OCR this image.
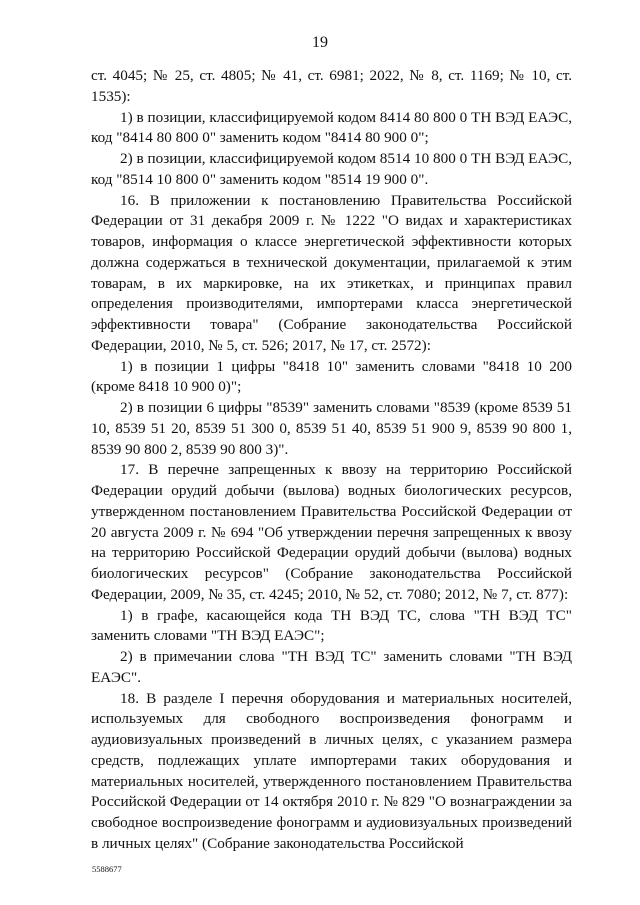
19

ст. 4045; № 25, ст. 4805; № 41, ст. 6981; 2022, № 8, ст. 1169; № 10, ст. 1535):

1) в позиции, классифицируемой кодом 8414 80 800 0 ТН ВЭД ЕАЭС, код "8414 80 800 0" заменить кодом "8414 80 900 0";

2) в позиции, классифицируемой кодом 8514 10 800 0 ТН ВЭД ЕАЭС, код "8514 10 800 0" заменить кодом "8514 19 900 0".

16. В приложении к постановлению Правительства Российской Федерации от 31 декабря 2009 г. № 1222 "О видах и характеристиках товаров, информация о классе энергетической эффективности которых должна содержаться в технической документации, прилагаемой к этим товарам, в их маркировке, на их этикетках, и принципах правил определения производителями, импортерами класса энергетической эффективности товара" (Собрание законодательства Российской Федерации, 2010, № 5, ст. 526; 2017, № 17, ст. 2572):

1) в позиции 1 цифры "8418 10" заменить словами "8418 10 200 (кроме 8418 10 900 0)";

2) в позиции 6 цифры "8539" заменить словами "8539 (кроме 8539 51 10, 8539 51 20, 8539 51 300 0, 8539 51 40, 8539 51 900 9, 8539 90 800 1, 8539 90 800 2, 8539 90 800 3)".

17. В перечне запрещенных к ввозу на территорию Российской Федерации орудий добычи (вылова) водных биологических ресурсов, утвержденном постановлением Правительства Российской Федерации от 20 августа 2009 г. № 694 "Об утверждении перечня запрещенных к ввозу на территорию Российской Федерации орудий добычи (вылова) водных биологических ресурсов" (Собрание законодательства Российской Федерации, 2009, № 35, ст. 4245; 2010, № 52, ст. 7080; 2012, № 7, ст. 877):

1) в графе, касающейся кода ТН ВЭД ТС, слова "ТН ВЭД ТС" заменить словами "ТН ВЭД ЕАЭС";

2) в примечании слова "ТН ВЭД ТС" заменить словами "ТН ВЭД ЕАЭС".

18. В разделе I перечня оборудования и материальных носителей, используемых для свободного воспроизведения фонограмм и аудиовизуальных произведений в личных целях, с указанием размера средств, подлежащих уплате импортерами таких оборудования и материальных носителей, утвержденного постановлением Правительства Российской Федерации от 14 октября 2010 г. № 829 "О вознаграждении за свободное воспроизведение фонограмм и аудиовизуальных произведений в личных целях" (Собрание законодательства Российской

5588677
